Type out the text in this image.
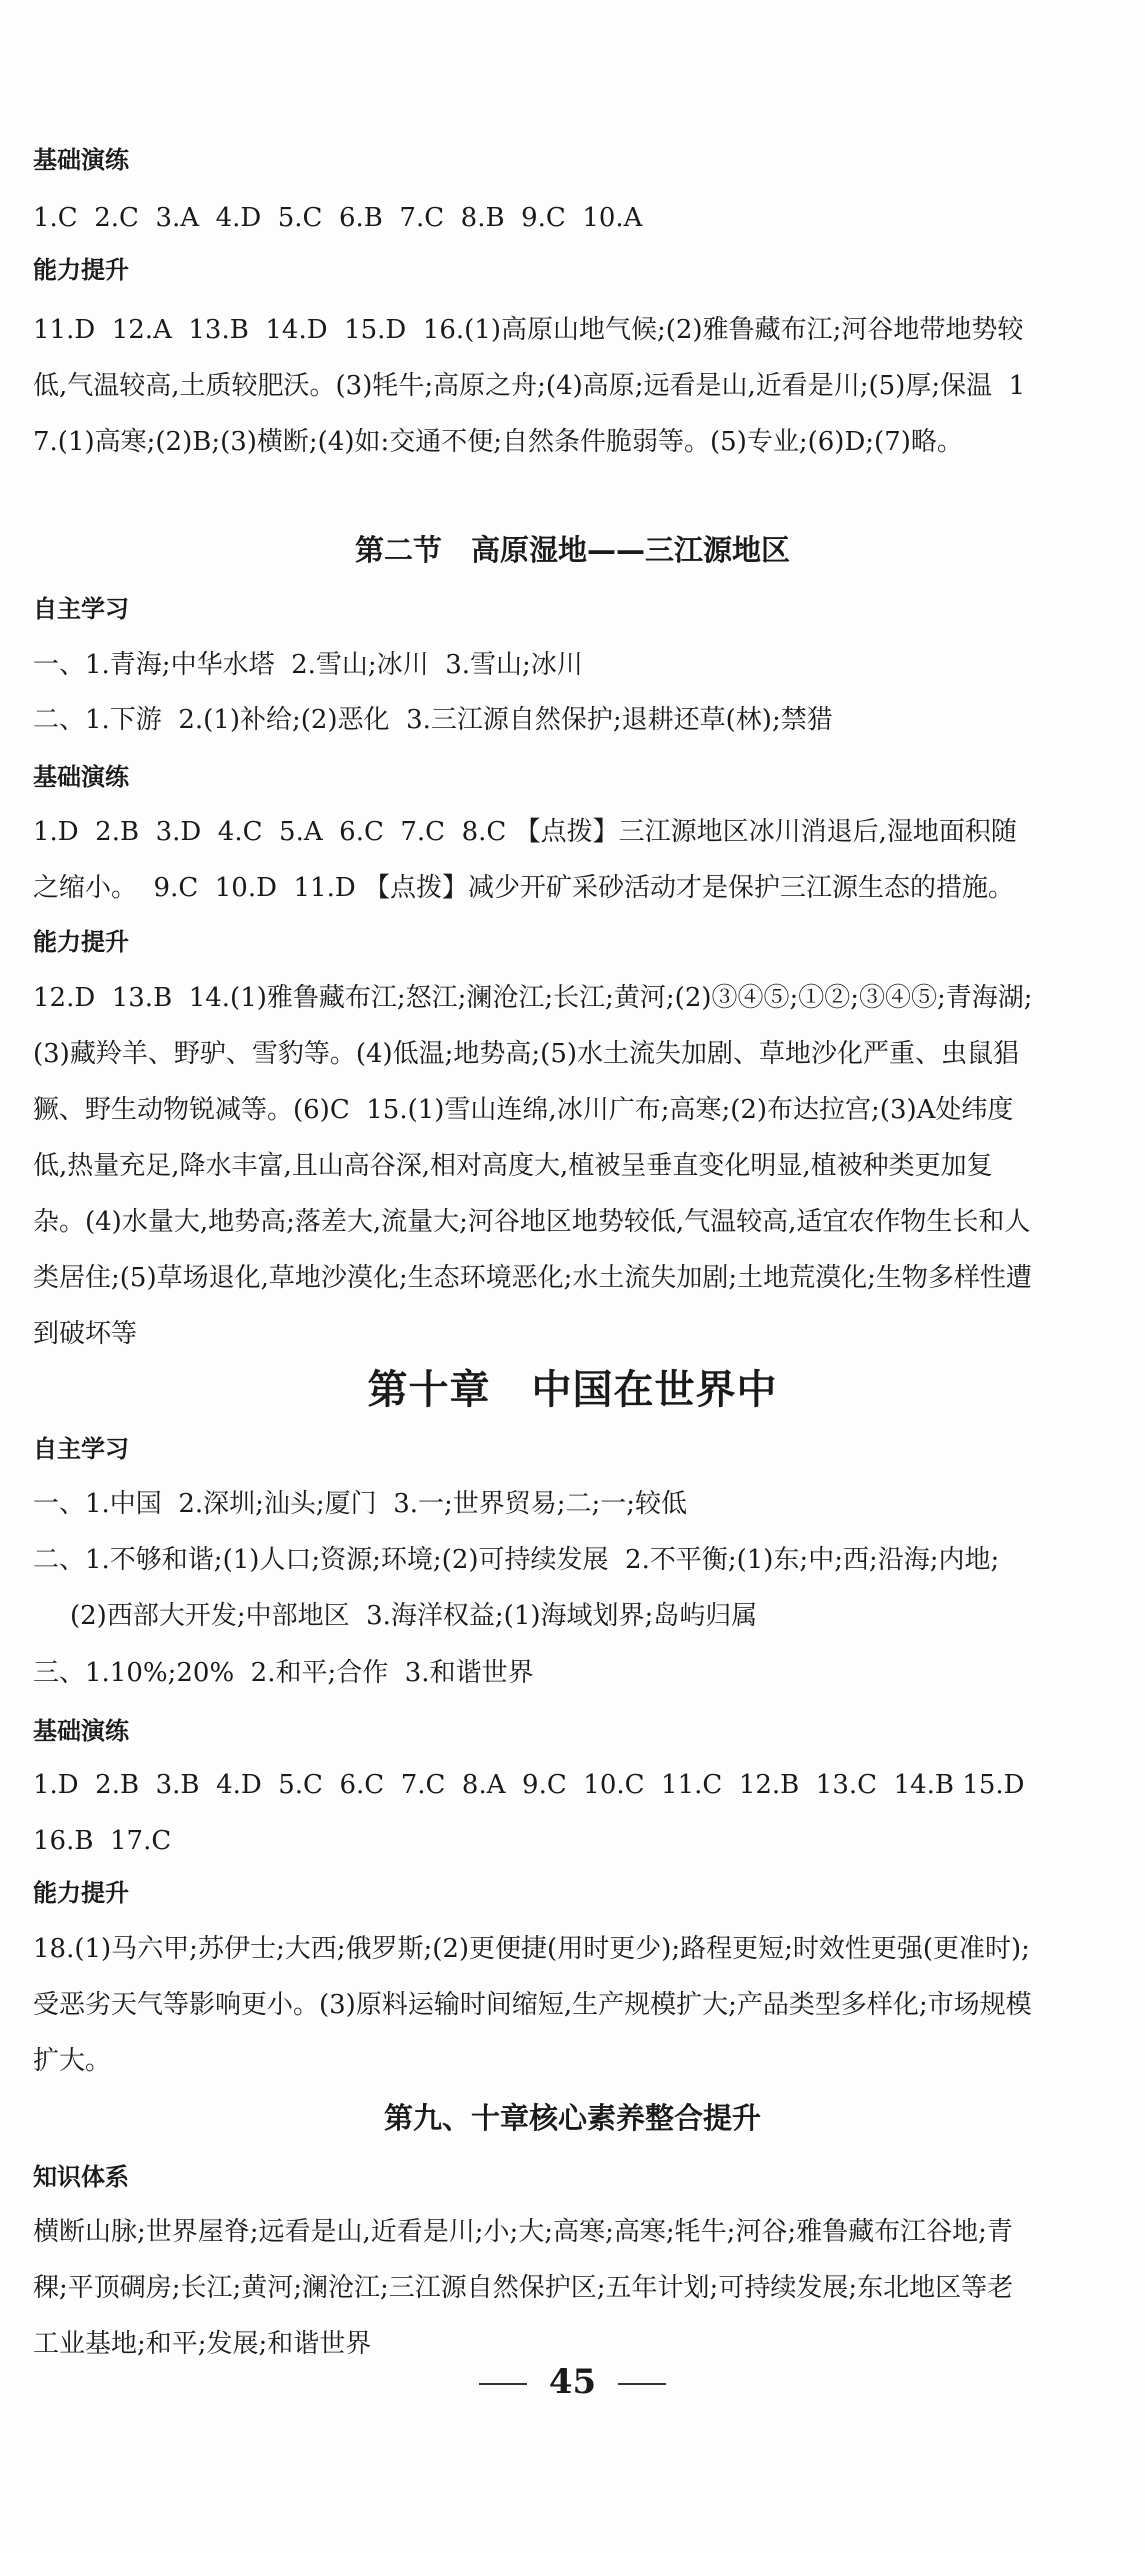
基础演练
1.C  2.C  3.A  4.D  5.C  6.B  7.C  8.B  9.C  10.A
能力提升
11.D  12.A  13.B  14.D  15.D  16.(1)高原山地气候;(2)雅鲁藏布江;河谷地带地势较低,气温较高,土质较肥沃。(3)牦牛;高原之舟;(4)高原;远看是山,近看是川;(5)厚;保温  17.(1)高寒;(2)B;(3)横断;(4)如:交通不便;自然条件脆弱等。(5)专业;(6)D;(7)略。
第二节　高原湿地——三江源地区
自主学习
一、1.青海;中华水塔  2.雪山;冰川  3.雪山;冰川
二、1.下游  2.(1)补给;(2)恶化  3.三江源自然保护;退耕还草(林);禁猎
基础演练
1.D  2.B  3.D  4.C  5.A  6.C  7.C  8.C 【点拨】三江源地区冰川消退后,湿地面积随之缩小。  9.C  10.D  11.D 【点拨】减少开矿采砂活动才是保护三江源生态的措施。
能力提升
12.D  13.B  14.(1)雅鲁藏布江;怒江;澜沧江;长江;黄河;(2)③④⑤;①②;③④⑤;青海湖;(3)藏羚羊、野驴、雪豹等。(4)低温;地势高;(5)水土流失加剧、草地沙化严重、虫鼠猖獗、野生动物锐减等。(6)C  15.(1)雪山连绵,冰川广布;高寒;(2)布达拉宫;(3)A处纬度低,热量充足,降水丰富,且山高谷深,相对高度大,植被呈垂直变化明显,植被种类更加复杂。(4)水量大,地势高;落差大,流量大;河谷地区地势较低,气温较高,适宜农作物生长和人类居住;(5)草场退化,草地沙漠化;生态环境恶化;水土流失加剧;土地荒漠化;生物多样性遭到破坏等
第十章　中国在世界中
自主学习
一、1.中国  2.深圳;汕头;厦门  3.一;世界贸易;二;一;较低
二、1.不够和谐;(1)人口;资源;环境;(2)可持续发展  2.不平衡;(1)东;中;西;沿海;内地;
(2)西部大开发;中部地区  3.海洋权益;(1)海域划界;岛屿归属
三、1.10%;20%  2.和平;合作  3.和谐世界
基础演练
1.D  2.B  3.B  4.D  5.C  6.C  7.C  8.A  9.C  10.C  11.C  12.B  13.C  14.B 15.D  16.B  17.C
能力提升
18.(1)马六甲;苏伊士;大西;俄罗斯;(2)更便捷(用时更少);路程更短;时效性更强(更准时);受恶劣天气等影响更小。(3)原料运输时间缩短,生产规模扩大;产品类型多样化;市场规模扩大。
第九、十章核心素养整合提升
知识体系
横断山脉;世界屋脊;远看是山,近看是川;小;大;高寒;高寒;牦牛;河谷;雅鲁藏布江谷地;青稞;平顶碉房;长江;黄河;澜沧江;三江源自然保护区;五年计划;可持续发展;东北地区等老工业基地;和平;发展;和谐世界
45
